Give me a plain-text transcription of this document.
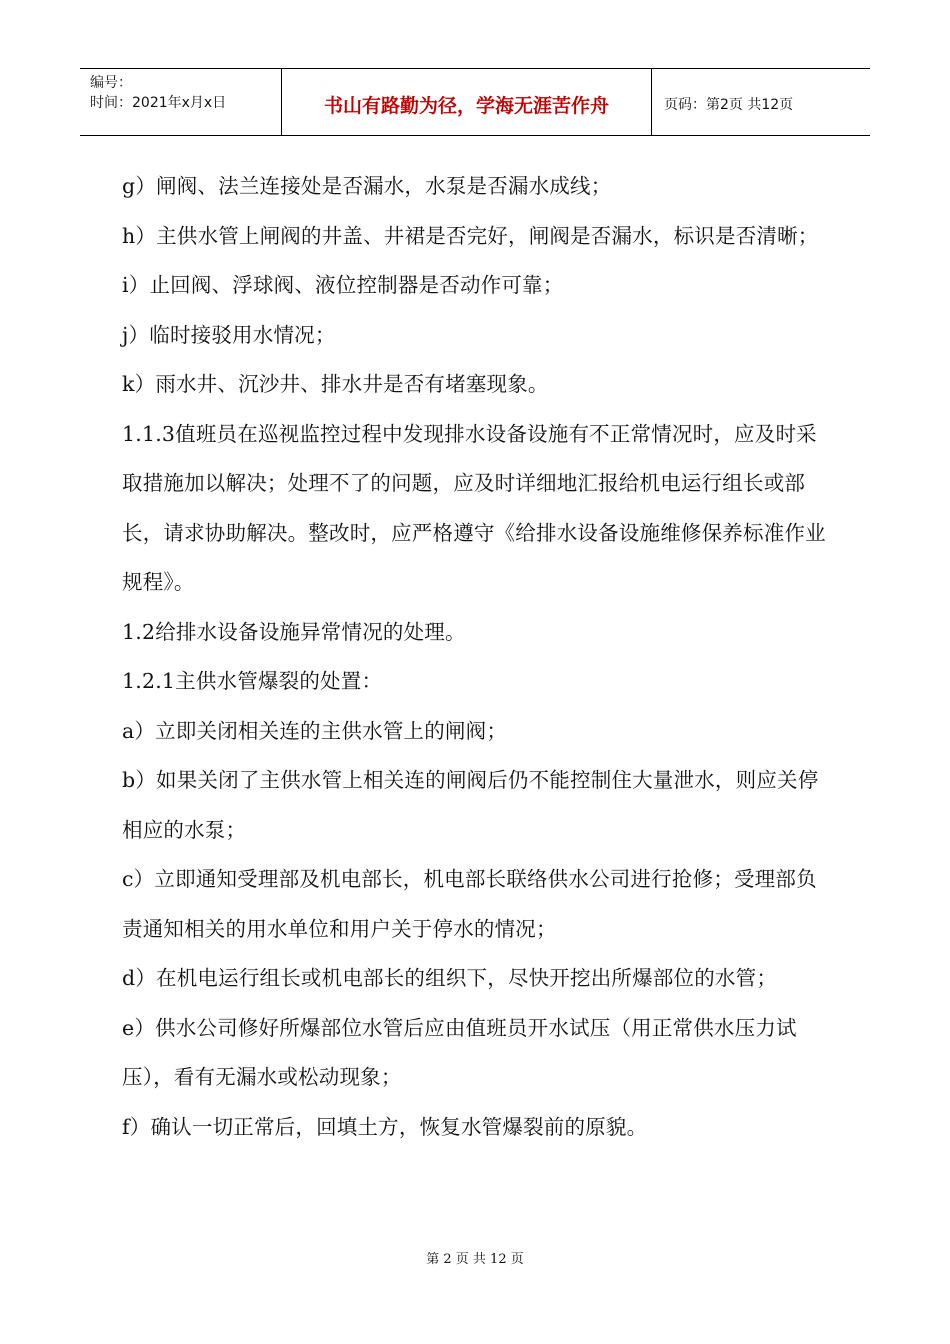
编号：
时间：2021年x月x日	书山有路勤为径，学海无涯苦作舟	页码：第2页 共12页

g）闸阀、法兰连接处是否漏水，水泵是否漏水成线；

h）主供水管上闸阀的井盖、井裙是否完好，闸阀是否漏水，标识是否清晰；

i）止回阀、浮球阀、液位控制器是否动作可靠；

j）临时接驳用水情况；

k）雨水井、沉沙井、排水井是否有堵塞现象。

1.1.3值班员在巡视监控过程中发现排水设备设施有不正常情况时，应及时采取措施加以解决；处理不了的问题，应及时详细地汇报给机电运行组长或部长，请求协助解决。整改时，应严格遵守《给排水设备设施维修保养标准作业规程》。

1.2给排水设备设施异常情况的处理。

1.2.1主供水管爆裂的处置：

a）立即关闭相关连的主供水管上的闸阀；

b）如果关闭了主供水管上相关连的闸阀后仍不能控制住大量泄水，则应关停相应的水泵；

c）立即通知受理部及机电部长，机电部长联络供水公司进行抢修；受理部负责通知相关的用水单位和用户关于停水的情况；

d）在机电运行组长或机电部长的组织下，尽快开挖出所爆部位的水管；

e）供水公司修好所爆部位水管后应由值班员开水试压（用正常供水压力试压），看有无漏水或松动现象；

f）确认一切正常后，回填土方，恢复水管爆裂前的原貌。

第 2 页 共 12 页
